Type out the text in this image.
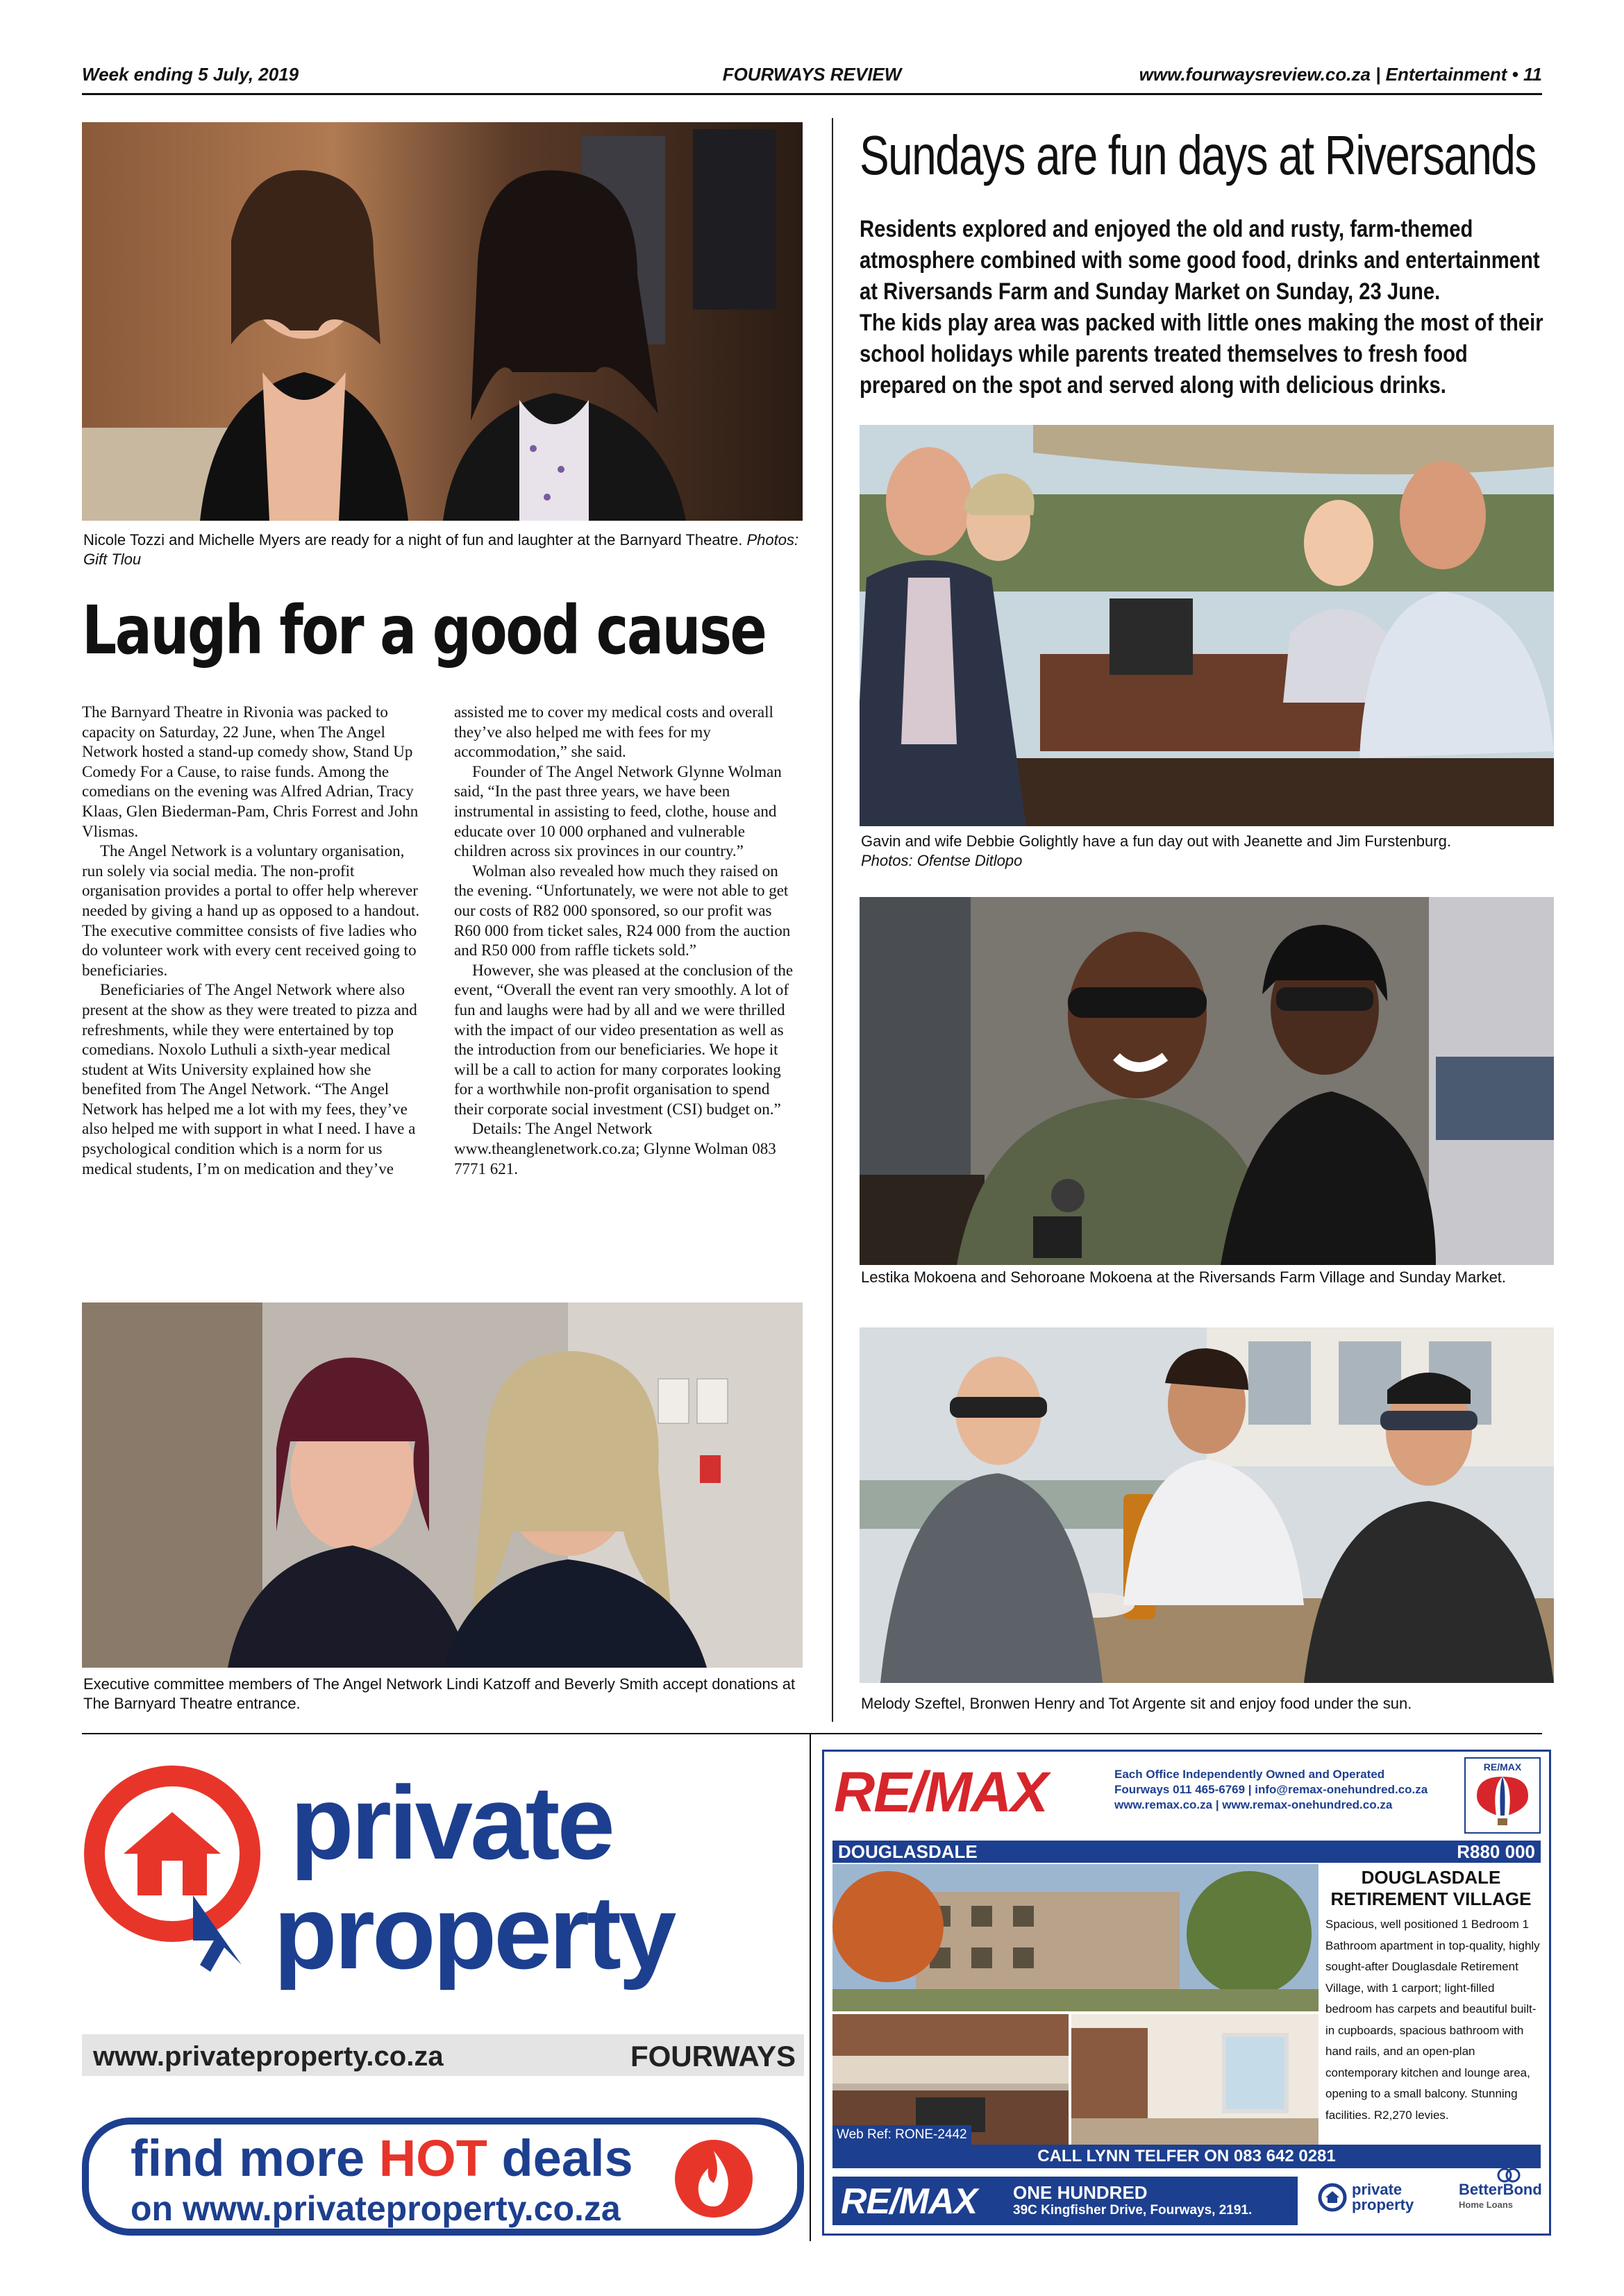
Week ending 5 July, 2019	FOURWAYS REVIEW	www.fourwaysreview.co.za | Entertainment • 11
Nicole Tozzi and Michelle Myers are ready for a night of fun and laughter at the Barnyard Theatre. Photos: Gift Tlou
Laugh for a good cause

The Barnyard Theatre in Rivonia was packed to capacity on Saturday, 22 June, when The Angel Network hosted a stand-up comedy show, Stand Up Comedy For a Cause, to raise funds. Among the comedians on the evening was Alfred Adrian, Tracy Klaas, Glen Biederman-Pam, Chris Forrest and John Vlismas.

The Angel Network is a voluntary organisation, run solely via social media. The non-profit organisation provides a portal to offer help wherever needed by giving a hand up as opposed to a handout. The executive committee consists of five ladies who do volunteer work with every cent received going to beneficiaries.

Beneficiaries of The Angel Network where also present at the show as they were treated to pizza and refreshments, while they were entertained by top comedians. Noxolo Luthuli a sixth-year medical student at Wits University explained how she benefited from The Angel Network. “The Angel Network has helped me a lot with my fees, they’ve also helped me with support in what I need. I have a psychological condition which is a norm for us medical students, I’m on medication and they’ve

assisted me to cover my medical costs and overall they’ve also helped me with fees for my accommodation,” she said.

Founder of The Angel Network Glynne Wolman said, “In the past three years, we have been instrumental in assisting to feed, clothe, house and educate over 10 000 orphaned and vulnerable children across six provinces in our country.”

Wolman also revealed how much they raised on the evening. “Unfortunately, we were not able to get our costs of R82 000 sponsored, so our profit was R60 000 from ticket sales, R24 000 from the auction and R50 000 from raffle tickets sold.”

However, she was pleased at the conclusion of the event, “Overall the event ran very smoothly. A lot of fun and laughs were had by all and we were thrilled with the impact of our video presentation as well as the introduction from our beneficiaries. We hope it will be a call to action for many corporates looking for a worthwhile non-profit organisation to spend their corporate social investment (CSI) budget on.”

Details: The Angel Network www.theanglenetwork.co.za; Glynne Wolman 083 7771 621.

Executive committee members of The Angel Network Lindi Katzoff and Beverly Smith accept donations at The Barnyard Theatre entrance.
Sundays are fun days at Riversands

Residents explored and enjoyed the old and rusty, farm-themed atmosphere combined with some good food, drinks and entertainment at Riversands Farm and Sunday Market on Sunday, 23 June.

The kids play area was packed with little ones making the most of their school holidays while parents treated themselves to fresh food prepared on the spot and served along with delicious drinks.

Gavin and wife Debbie Golightly have a fun day out with Jeanette and Jim Furstenburg.
Photos: Ofentse Ditlopo
Lestika Mokoena and Sehoroane Mokoena at the Riversands Farm Village and Sunday Market.
Melody Szeftel, Bronwen Henry and Tot Argente sit and enjoy food under the sun.
private
property
www.privateproperty.co.za	FOURWAYS
find more HOT deals
on www.privateproperty.co.za
RE/MAX	Each Office Independently Owned and Operated
Fourways 011 465-6769 | info@remax-onehundred.co.za
www.remax.co.za | www.remax-onehundred.co.za
RE/MAX
DOUGLASDALE	R880 000
DOUGLASDALE RETIREMENT VILLAGE
Spacious, well positioned 1 Bedroom 1 Bathroom apartment in top-quality, highly sought-after Douglasdale Retirement Village, with 1 carport; light-filled bedroom has carpets and beautiful built-in cupboards, spacious bathroom with hand rails, and an open-plan contemporary kitchen and lounge area, opening to a small balcony. Stunning facilities. R2,270 levies.
Web Ref: RONE-2442
CALL LYNN TELFER ON 083 642 0281
RE/MAX ONE HUNDRED
39C Kingfisher Drive, Fourways, 2191.
private
property
BetterBond
Home Loans
